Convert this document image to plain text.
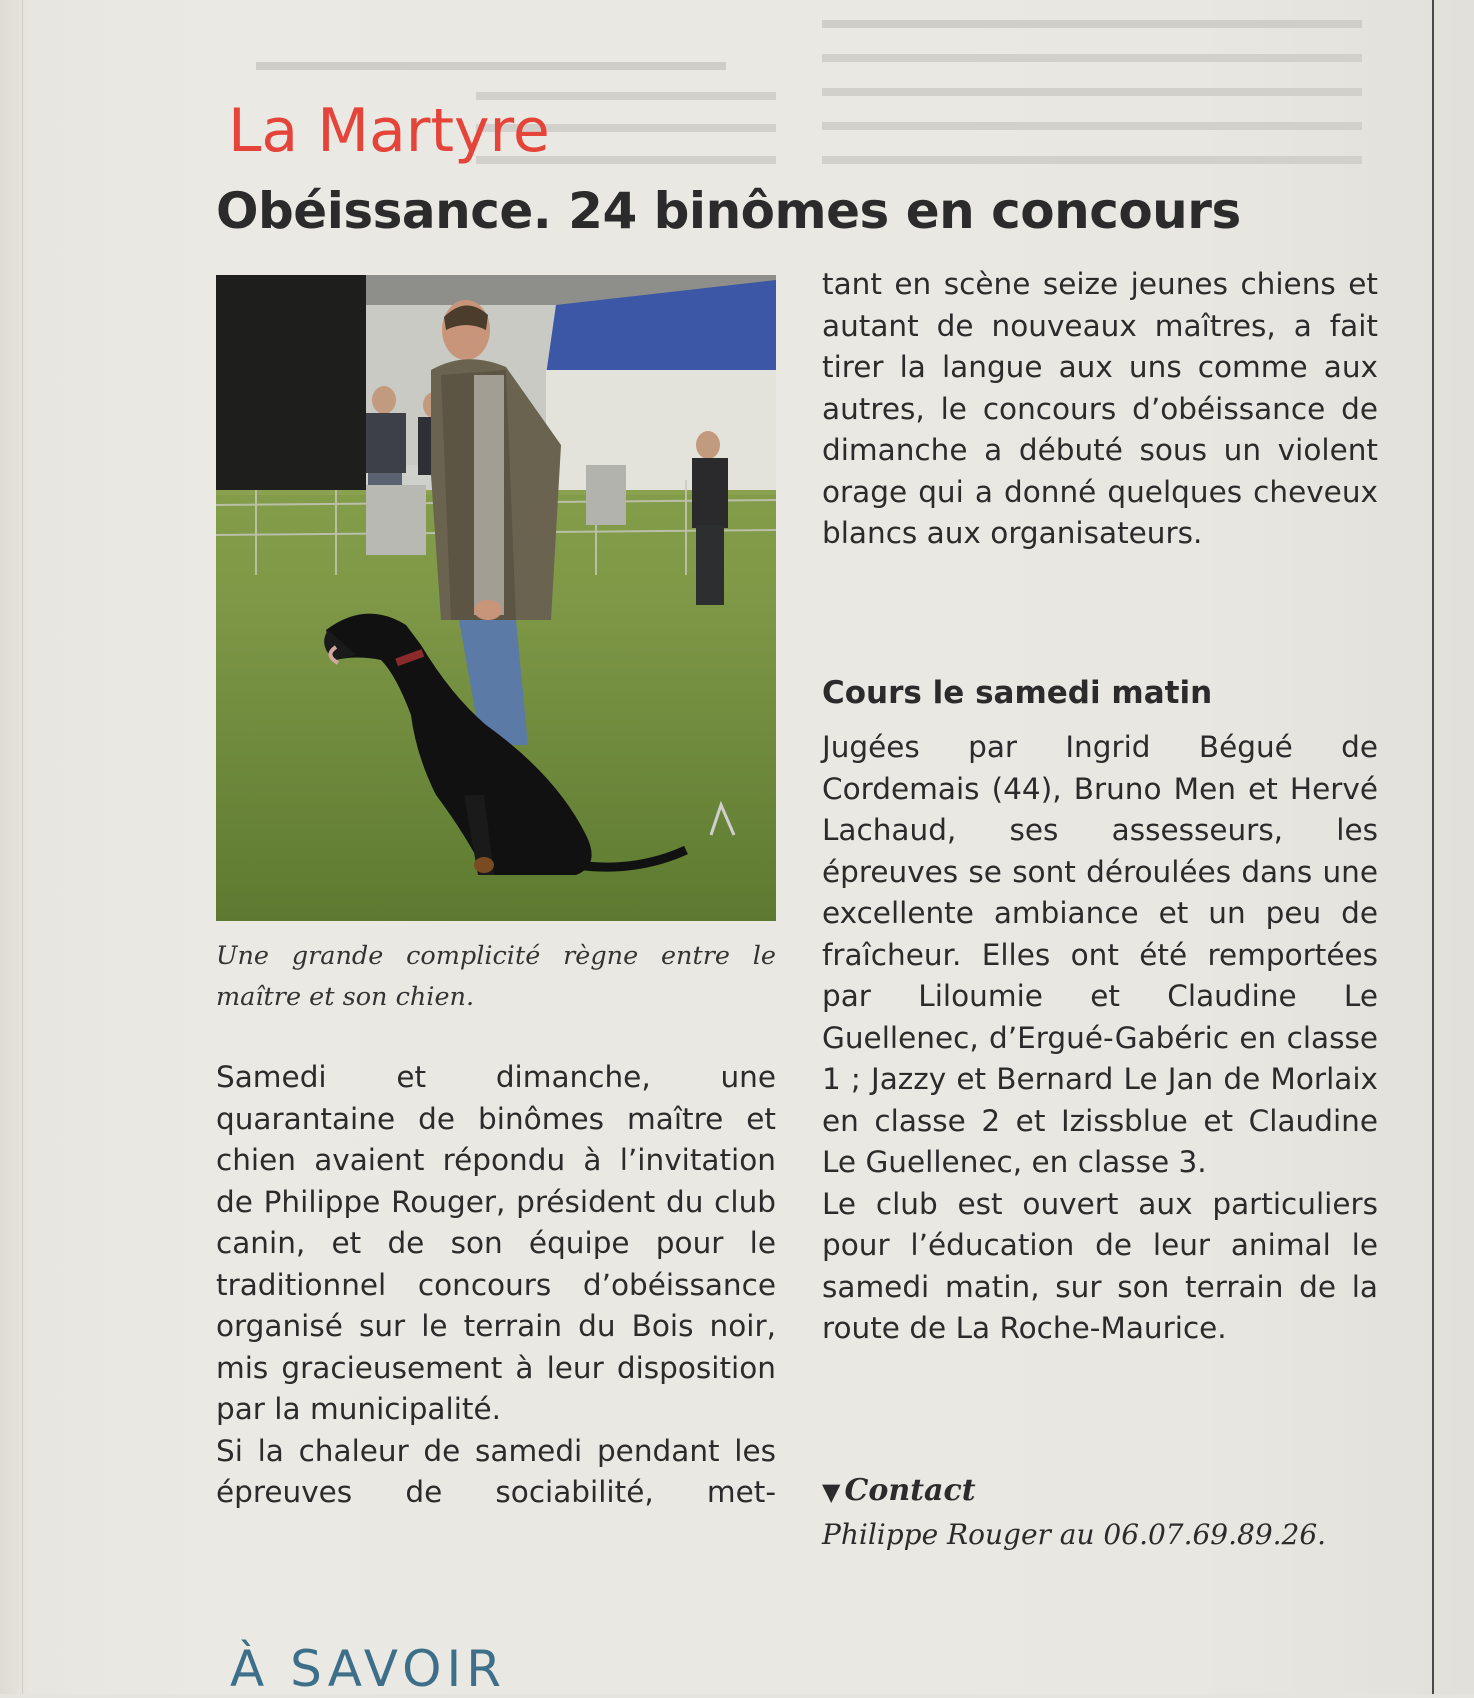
La Martyre
Obéissance. 24 binômes en concours
Une grande complicité règne entre le maître et son chien.

Samedi et dimanche, une quarantaine de binômes maître et chien avaient répondu à l’invitation de Philippe Rouger, président du club canin, et de son équipe pour le traditionnel concours d’obéissance organisé sur le terrain du Bois noir, mis gracieusement à leur disposition par la municipalité.

Si la chaleur de samedi pendant les épreuves de sociabilité, met-

tant en scène seize jeunes chiens et autant de nouveaux maîtres, a fait tirer la langue aux uns comme aux autres, le concours d’obéissance de dimanche a débuté sous un violent orage qui a donné quelques cheveux blancs aux organisateurs.
Cours le samedi matin

Jugées par Ingrid Bégué de Cordemais (44), Bruno Men et Hervé Lachaud, ses assesseurs, les épreuves se sont déroulées dans une excellente ambiance et un peu de fraîcheur. Elles ont été remportées par Liloumie et Claudine Le Guellenec, d’Ergué-Gabéric en classe 1 ; Jazzy et Bernard Le Jan de Morlaix en classe 2 et Izissblue et Claudine Le Guellenec, en classe 3.

Le club est ouvert aux particuliers pour l’éducation de leur animal le samedi matin, sur son terrain de la route de La Roche-Maurice.

▼ Contact
Philippe Rouger au 06.07.69.89.26.
À SAVOIR
